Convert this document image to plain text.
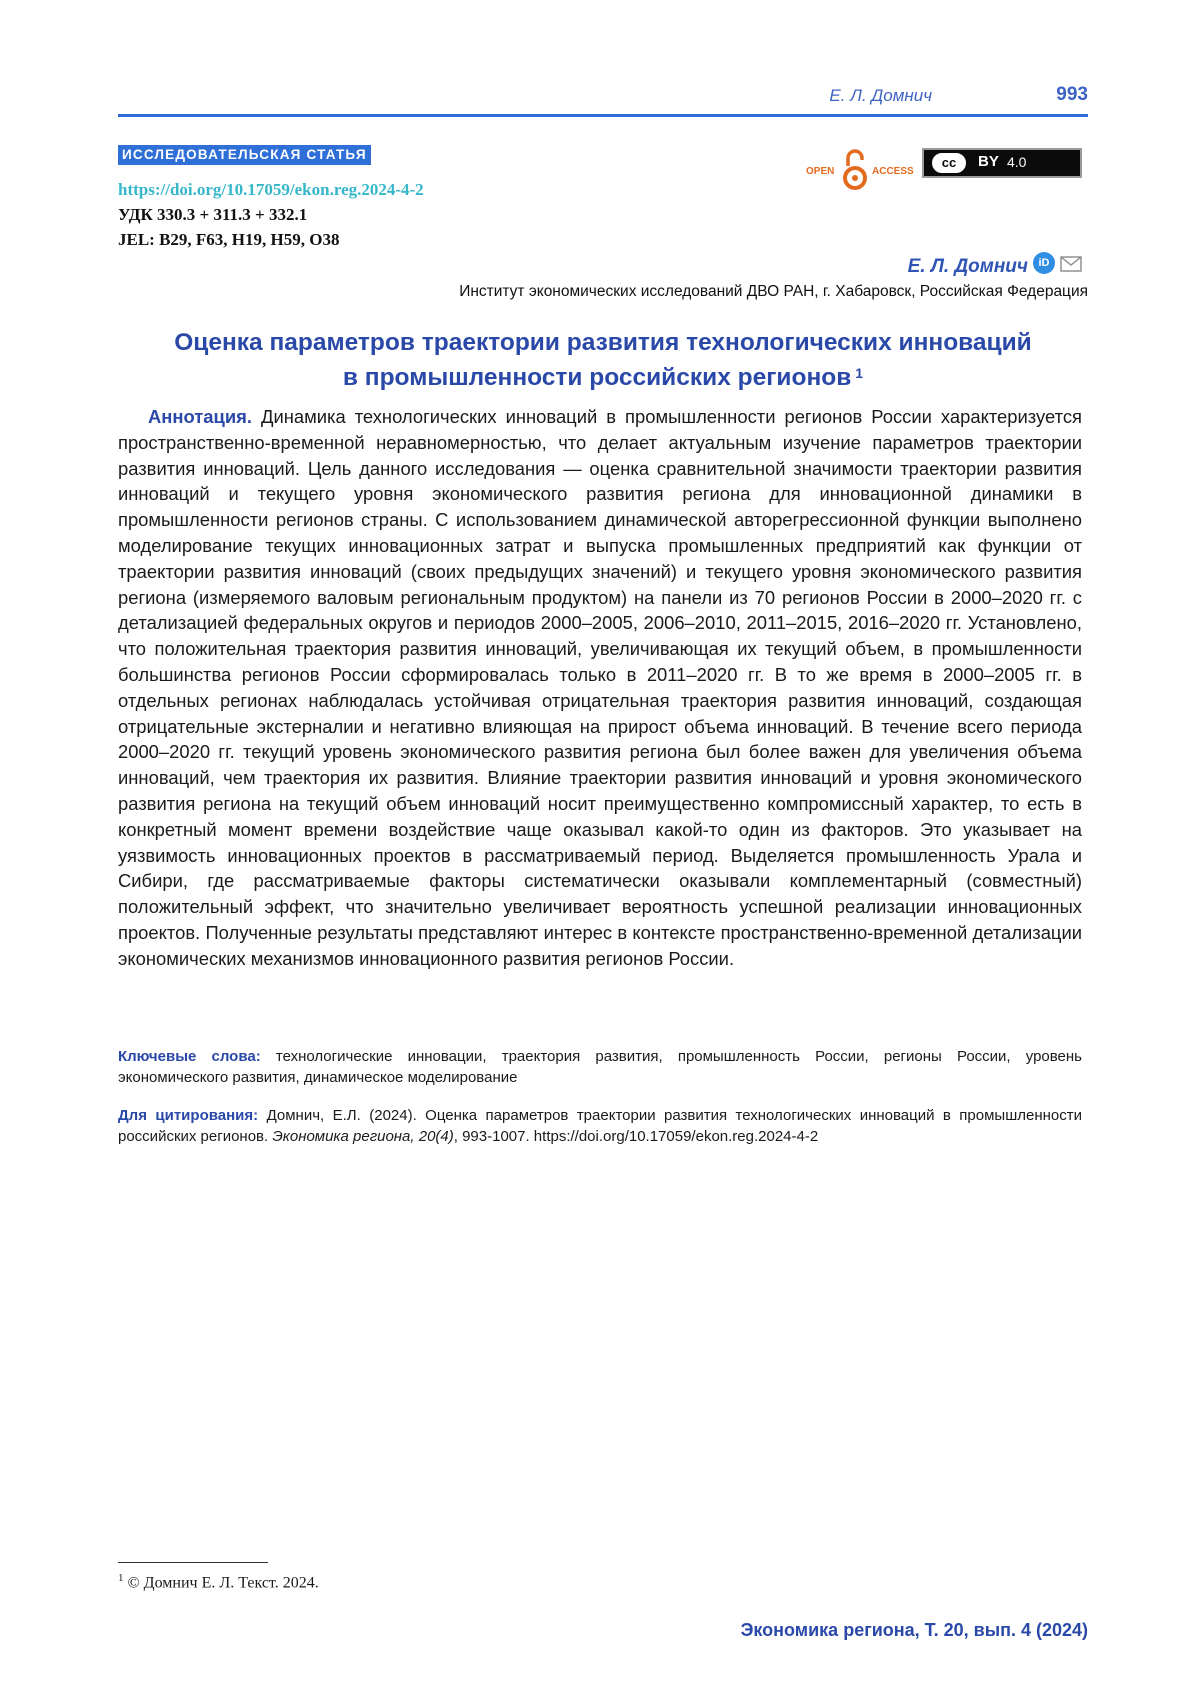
Е. Л. Домнич	993
ИССЛЕДОВАТЕЛЬСКАЯ СТАТЬЯ
OPEN	ACCESS
cc	BY 4.0
https://doi.org/10.17059/ekon.reg.2024-4-2
УДК 330.3 + 311.3 + 332.1
JEL: B29, F63, H19, H59, O38
Е. Л. Домнич iD
Институт экономических исследований ДВО РАН, г. Хабаровск, Российская Федерация
Оценка параметров траектории развития технологических инноваций
в промышленности российских регионов $^1$

Аннотация. Динамика технологических инноваций в промышленности регионов России характеризуется пространственно-временной неравномерностью, что делает актуальным изучение параметров траектории развития инноваций. Цель данного исследования — оценка сравнительной значимости траектории развития инноваций и текущего уровня экономического развития региона для инновационной динамики в промышленности регионов страны. С использованием динамической авторегрессионной функции выполнено моделирование текущих инновационных затрат и выпуска промышленных предприятий как функции от траектории развития инноваций (своих предыдущих значений) и текущего уровня экономического развития региона (измеряемого валовым региональным продуктом) на панели из 70 регионов России в 2000–2020 гг. с детализацией федеральных округов и периодов 2000–2005, 2006–2010, 2011–2015, 2016–2020 гг. Установлено, что положительная траектория развития инноваций, увеличивающая их текущий объем, в промышленности большинства регионов России сформировалась только в 2011–2020 гг. В то же время в 2000–2005 гг. в отдельных регионах наблюдалась устойчивая отрицательная траектория развития инноваций, создающая отрицательные экстерналии и негативно влияющая на прирост объема инноваций. В течение всего периода 2000–2020 гг. текущий уровень экономического развития региона был более важен для увеличения объема инноваций, чем траектория их развития. Влияние траектории развития инноваций и уровня экономического развития региона на текущий объем инноваций носит преимущественно компромиссный характер, то есть в конкретный момент времени воздействие чаще оказывал какой-то один из факторов. Это указывает на уязвимость инновационных проектов в рассматриваемый период. Выделяется промышленность Урала и Сибири, где рассматриваемые факторы систематически оказывали комплементарный (совместный) положительный эффект, что значительно увеличивает вероятность успешной реализации инновационных проектов. Полученные результаты представляют интерес в контексте пространственно-временной детализации экономических механизмов инновационного развития регионов России.

Ключевые слова: технологические инновации, траектория развития, промышленность России, регионы России, уровень экономического развития, динамическое моделирование

Для цитирования: Домнич, Е.Л. (2024). Оценка параметров траектории развития технологических инноваций в промышленности российских регионов. Экономика региона, 20(4), 993-1007. https://doi.org/10.17059/ekon.reg.2024-4-2

$^1$ © Домнич Е. Л. Текст. 2024.
Экономика региона, Т. 20, вып. 4 (2024)
